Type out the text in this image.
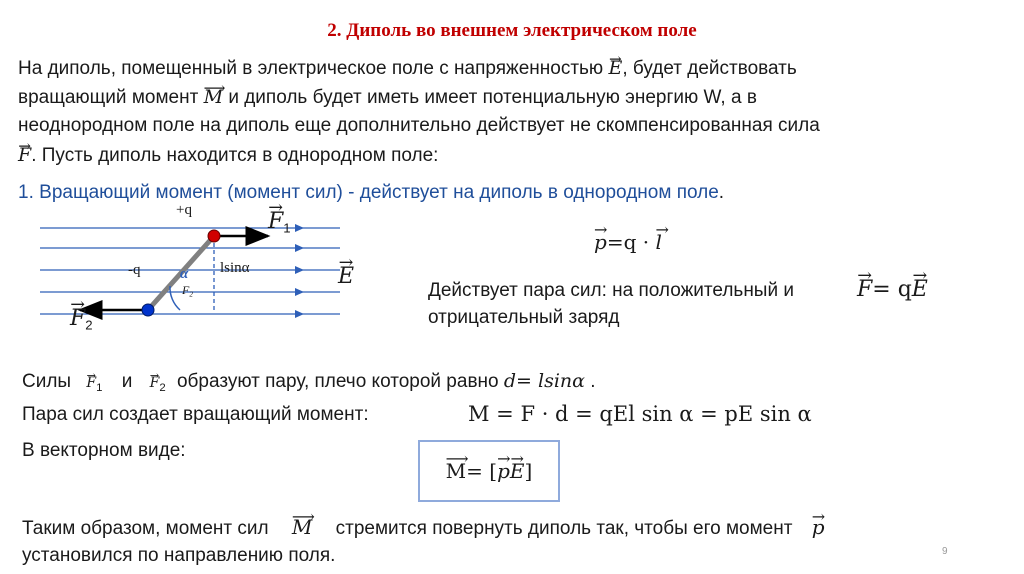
2. Диполь во внешнем электрическом поле
На диполь, помещенный в электрическое поле с напряженностью → E, будет действовать
вращающий момент ⟶ M и диполь будет иметь имеет потенциальную энергию W, а в
неоднородном поле на диполь еще дополнительно действует не скомпенсированная сила
→ F. Пусть диполь находится в однородном поле:
1. Вращающий момент (момент сил) - действует на диполь в однородном поле.
+q
-q	α lsinα
$F_2$
→ $F_1$
→ $F_2$
→ E
→ p=q · → l
Действует пара сил: на положительный и
отрицательный заряд
→ F= q→ E
Силы → $F_1$ $и \to F_2$ образуют пару, плечо которой равно d= lsinα .
Пара сил создает вращающий момент:	M = F · d = qEl sin α = pE sin α
В векторном виде:
⟶ M = [ → p → E ]
Таким образом, момент сил ⟶ M стремится повернуть диполь так, чтобы его момент → p
установился по направлению поля.	9
